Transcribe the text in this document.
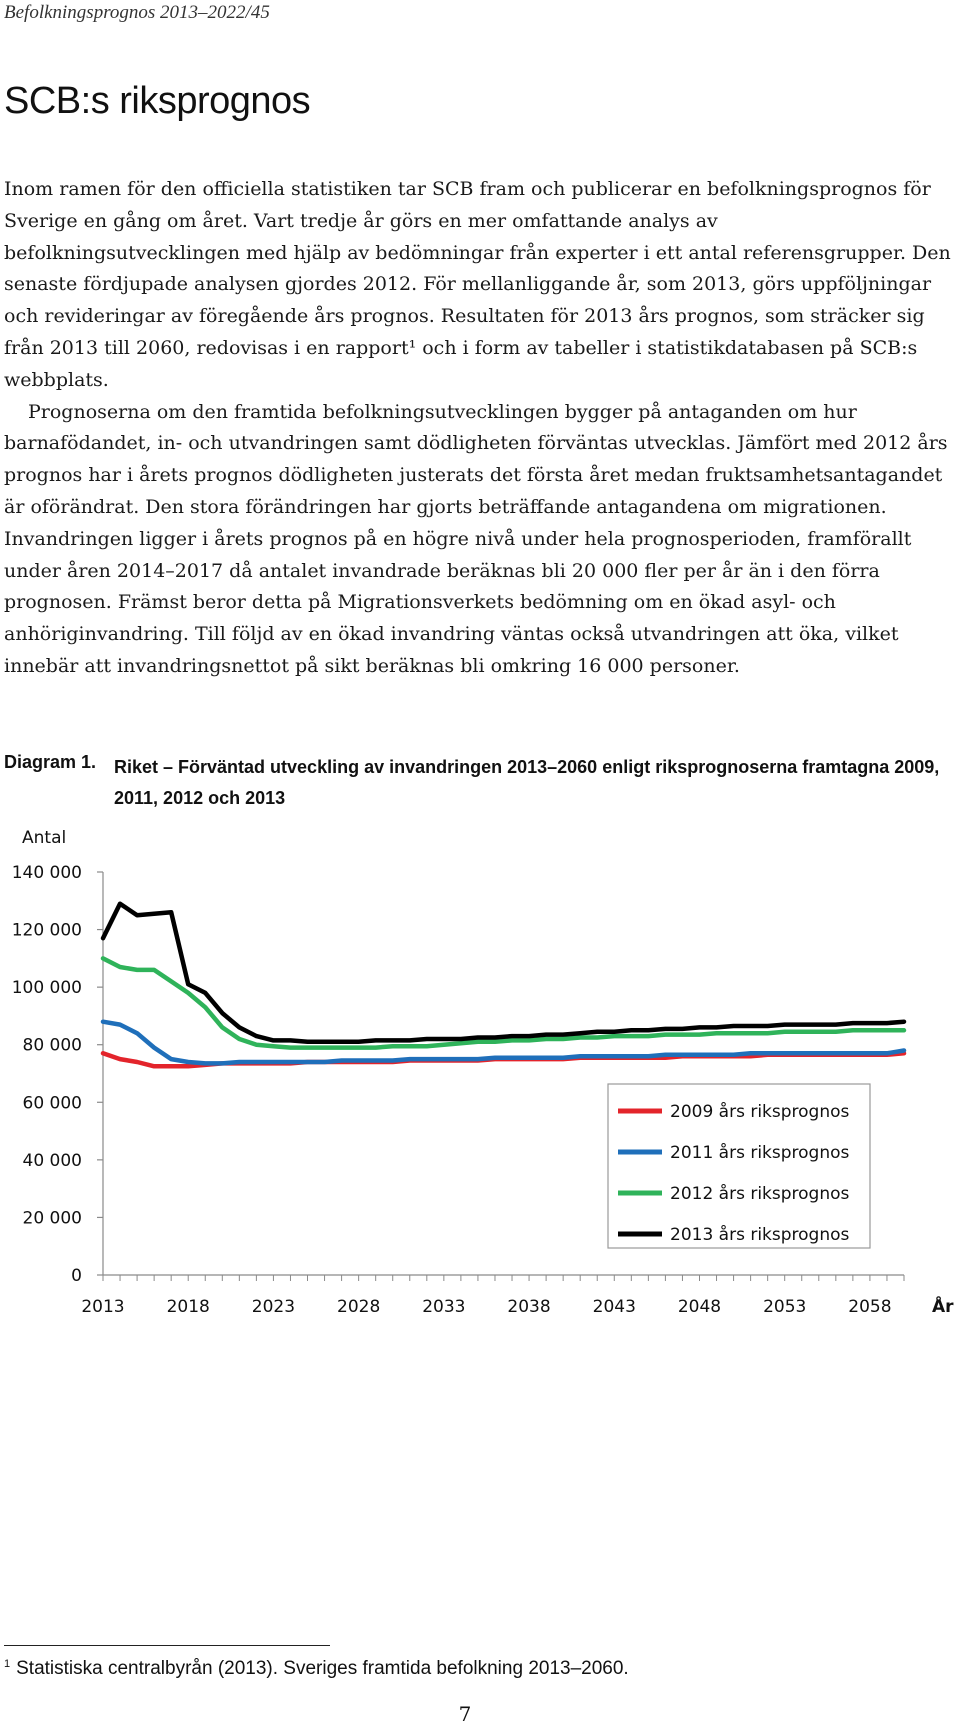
Befolkningsprognos 2013–2022/45
SCB:s riksprognos

Inom ramen för den officiella statistiken tar SCB fram och publicerar en befolkningsprognos för Sverige en gång om året. Vart tredje år görs en mer omfattande analys av befolkningsutvecklingen med hjälp av bedömningar från experter i ett antal referensgrupper. Den senaste fördjupade analysen gjordes 2012. För mellanliggande år, som 2013, görs uppföljningar och revideringar av föregående års prognos. Resultaten för 2013 års prognos, som sträcker sig från 2013 till 2060, redovisas i en rapport¹ och i form av tabeller i statistikdatabasen på SCB:s webbplats.

Prognoserna om den framtida befolkningsutvecklingen bygger på antaganden om hur barnafödandet, in- och utvandringen samt dödligheten förväntas utvecklas. Jämfört med 2012 års prognos har i årets prognos dödligheten justerats det första året medan fruktsamhetsantagandet är oförändrat. Den stora förändringen har gjorts beträffande antagandena om migrationen. Invandringen ligger i årets prognos på en högre nivå under hela prognosperioden, framförallt under åren 2014–2017 då antalet invandrade beräknas bli 20 000 fler per år än i den förra prognosen. Främst beror detta på Migrationsverkets bedömning om en ökad asyl- och anhöriginvandring. Till följd av en ökad invandring väntas också utvandringen att öka, vilket innebär att invandringsnettot på sikt beräknas bli omkring 16 000 personer.

Diagram 1. Riket – Förväntad utveckling av invandringen 2013–2060 enligt riksprognoserna framtagna 2009, 2011, 2012 och 2013
Antal
År
0
20 000
40 000
60 000
80 000
100 000
120 000
140 000
2013 2018 2023 2028 2033 2038 2043 2048 2053 2058
2009 års riksprognos
2011 års riksprognos
2012 års riksprognos
2013 års riksprognos
$^1$ Statistiska centralbyrån (2013). Sveriges framtida befolkning 2013–2060.
7
